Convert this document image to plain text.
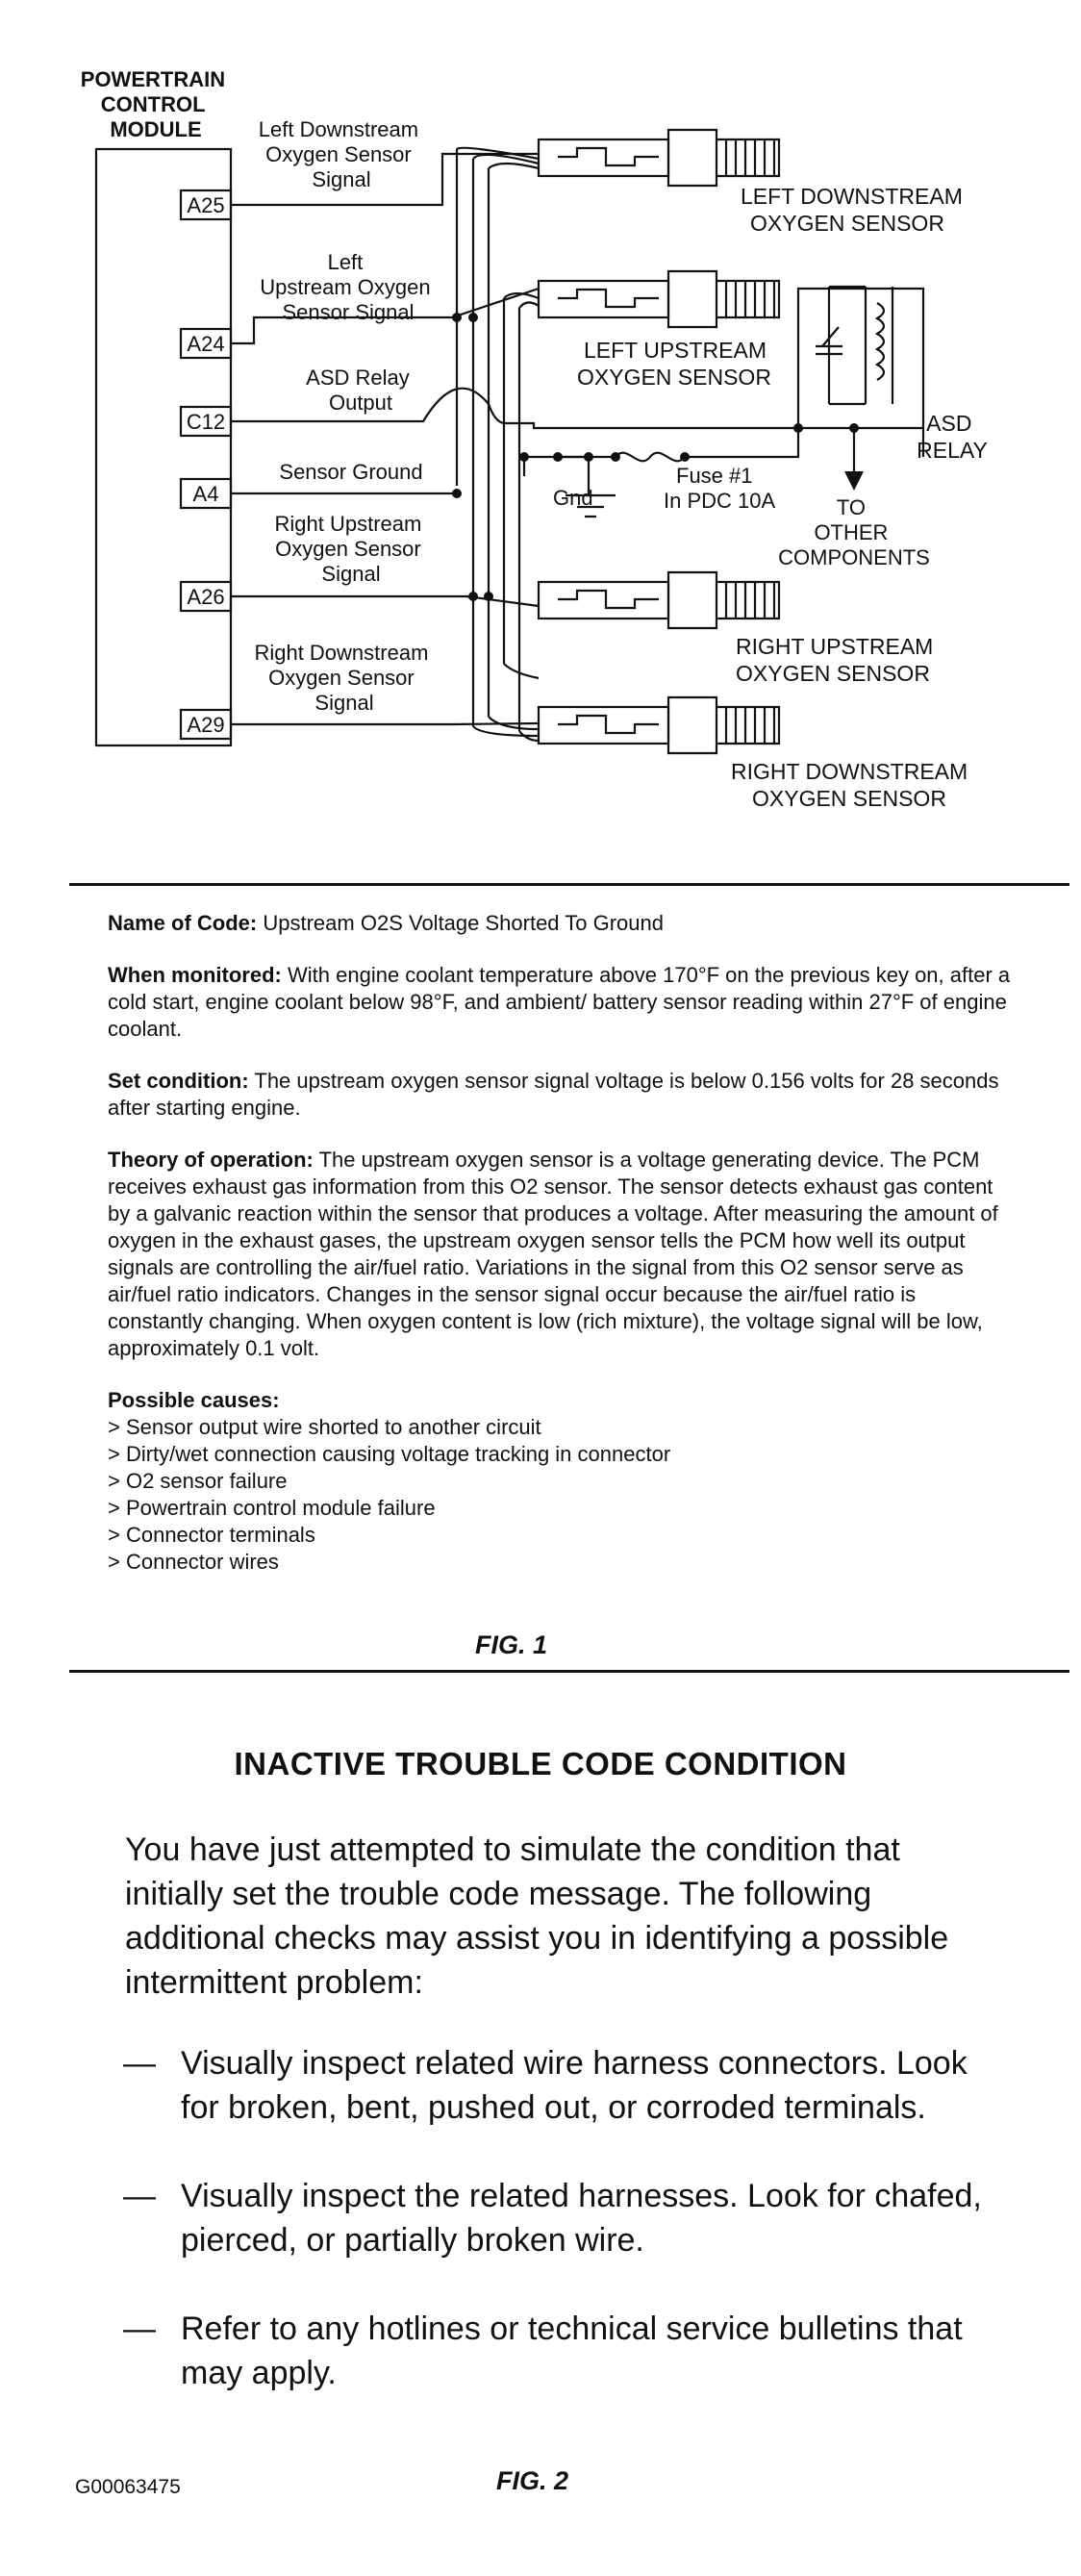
POWERTRAIN CONTROL MODULE
A25
A24
C12
A4
A26
A29
Left Downstream Oxygen Sensor Signal
Left Upstream Oxygen Sensor Signal
ASD Relay Output
Sensor Ground
Right Upstream Oxygen Sensor Signal
Right Downstream Oxygen Sensor Signal
LEFT DOWNSTREAM OXYGEN SENSOR
LEFT UPSTREAM OXYGEN SENSOR
RIGHT UPSTREAM OXYGEN SENSOR
RIGHT DOWNSTREAM OXYGEN SENSOR
ASD RELAY
Fuse #1 In PDC 10A
Gnd	TO OTHER COMPONENTS

Name of Code: Upstream O2S Voltage Shorted To Ground

When monitored: With engine coolant temperature above 170°F on the previous key on, after a cold start, engine coolant below 98°F, and ambient/ battery sensor reading within 27°F of engine coolant.

Set condition: The upstream oxygen sensor signal voltage is below 0.156 volts for 28 seconds after starting engine.

Theory of operation: The upstream oxygen sensor is a voltage generating device. The PCM receives exhaust gas information from this O2 sensor. The sensor detects exhaust gas content by a galvanic reaction within the sensor that produces a voltage. After measuring the amount of oxygen in the exhaust gases, the upstream oxygen sensor tells the PCM how well its output signals are controlling the air/fuel ratio. Variations in the signal from this O2 sensor serve as air/fuel ratio indicators. Changes in the sensor signal occur because the air/fuel ratio is constantly changing. When oxygen content is low (rich mixture), the voltage signal will be low, approximately 0.1 volt.

Possible causes:
> Sensor output wire shorted to another circuit
> Dirty/wet connection causing voltage tracking in connector
> O2 sensor failure
> Powertrain control module failure
> Connector terminals
> Connector wires
FIG. 1
INACTIVE TROUBLE CODE CONDITION

You have just attempted to simulate the condition that initially set the trouble code message. The following additional checks may assist you in identifying a possible intermittent problem:

— Visually inspect related wire harness connectors. Look for broken, bent, pushed out, or corroded terminals.
— Visually inspect the related harnesses. Look for chafed, pierced, or partially broken wire.
— Refer to any hotlines or technical service bulletins that may apply.
G00063475	FIG. 2
